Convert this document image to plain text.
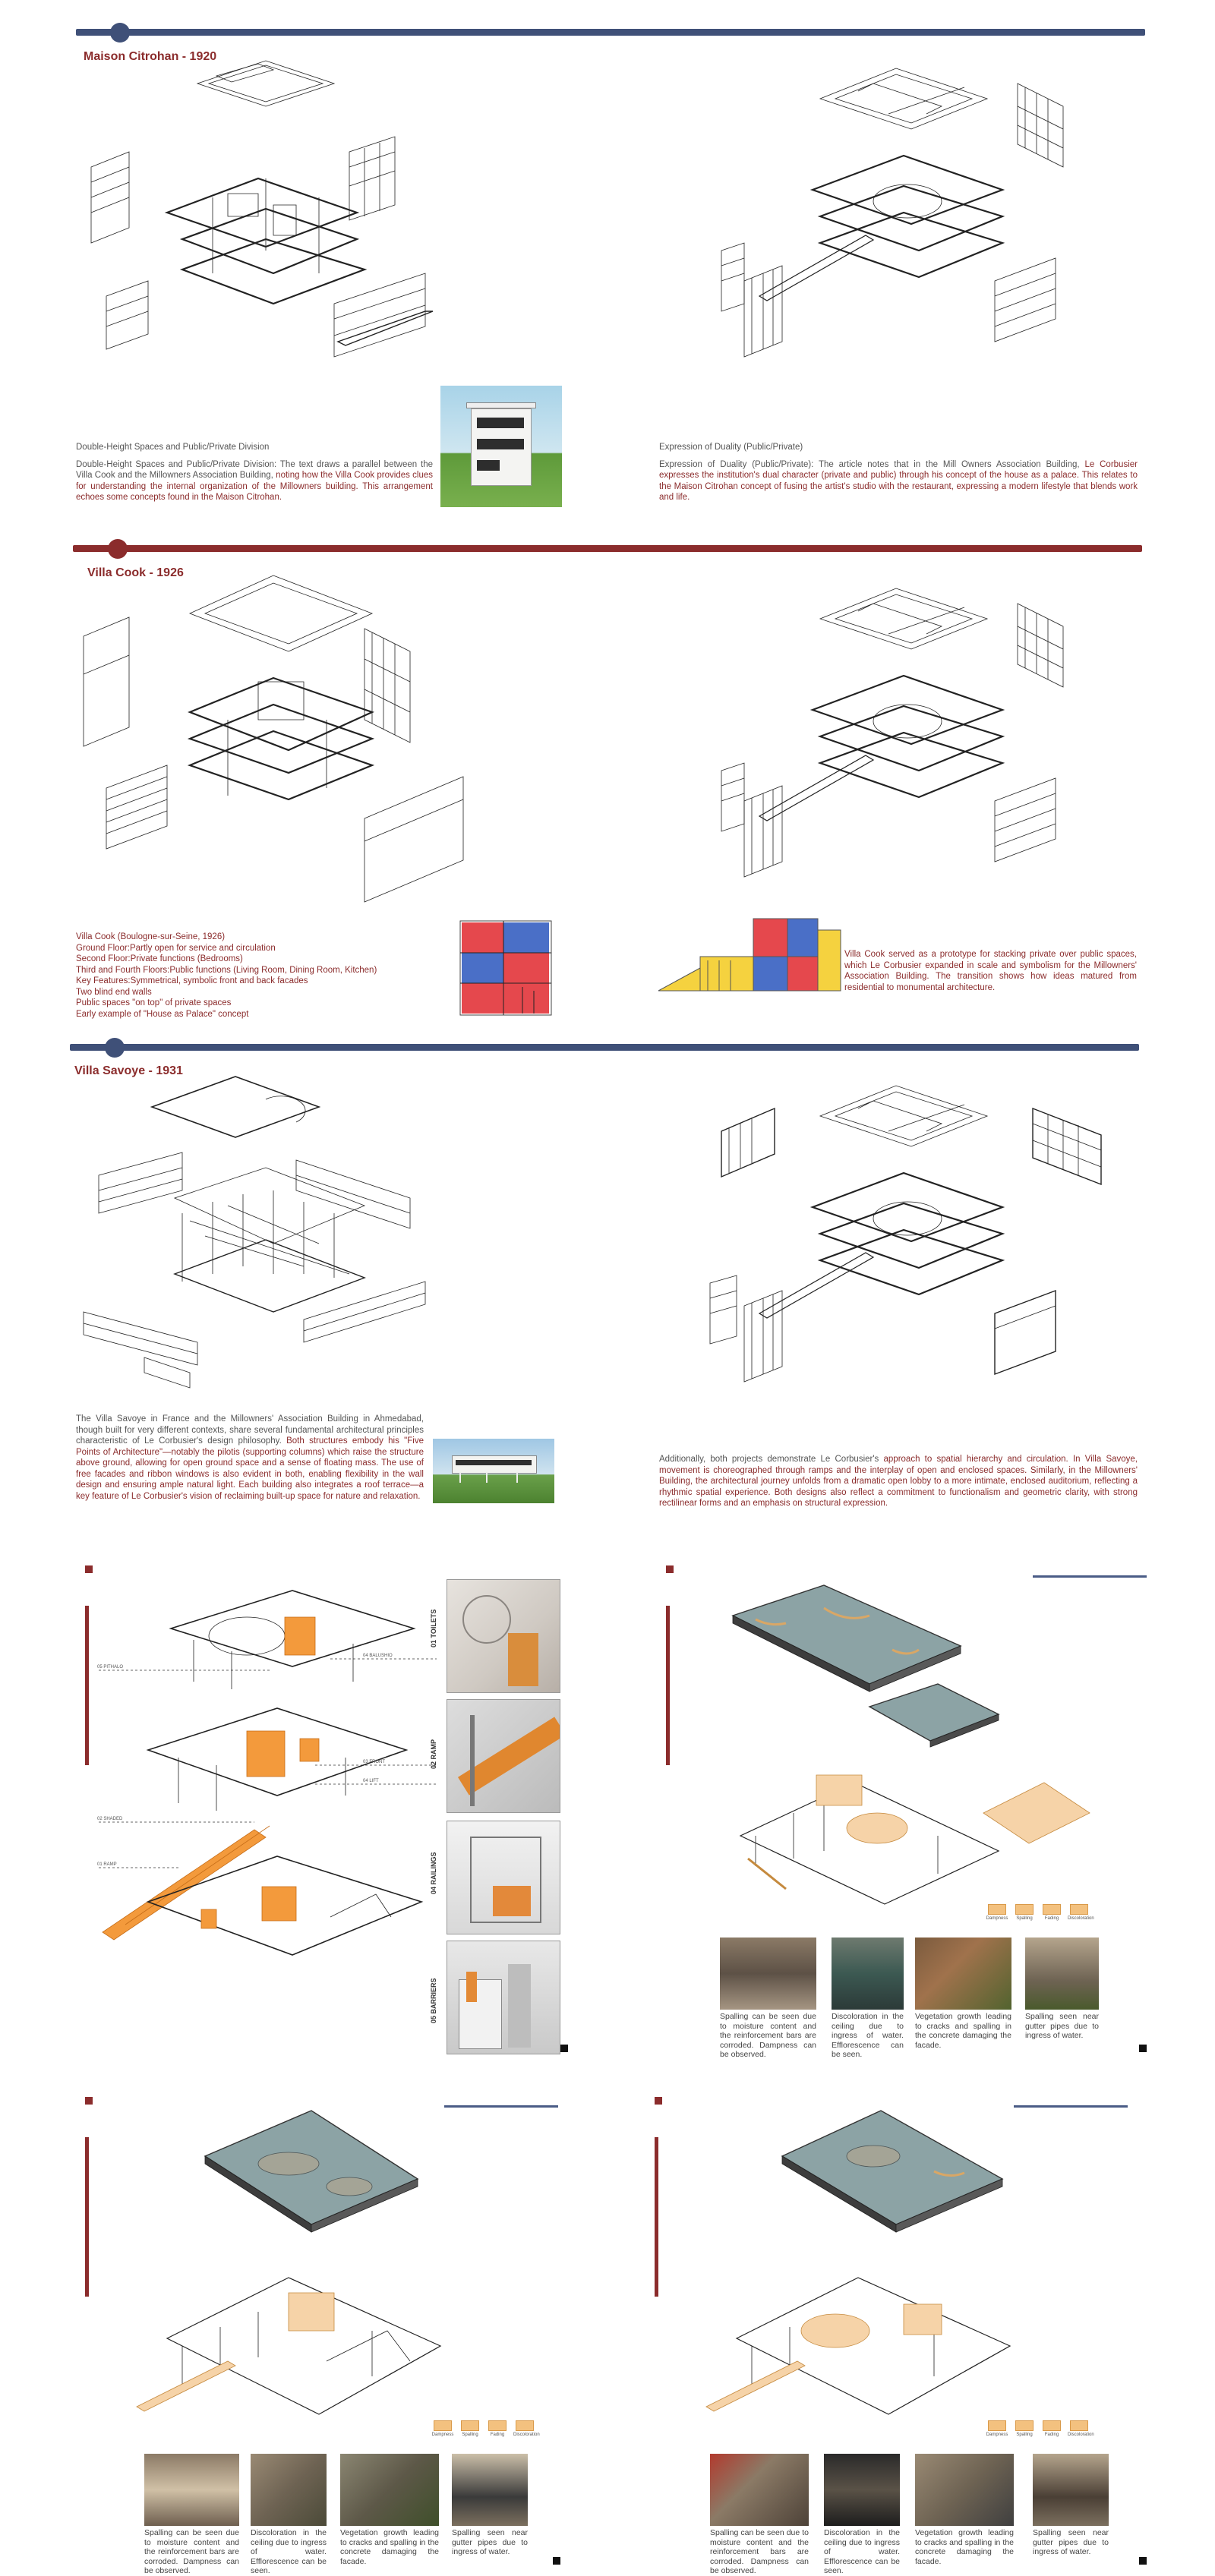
Maison Citrohan - 1920

Double-Height Spaces and Public/Private Division

Double-Height Spaces and Public/Private Division: The text draws a parallel between the Villa Cook and the Millowners Association Building, noting how the Villa Cook provides clues for understanding the internal organization of the Millowners building. This arrangement echoes some concepts found in the Maison Citrohan.

Expression of Duality (Public/Private)

Expression of Duality (Public/Private): The article notes that in the Mill Owners Association Building, Le Corbusier expresses the institution's dual character (private and public) through his concept of the house as a palace. This relates to the Maison Citrohan concept of fusing the artist's studio with the restaurant, expressing a modern lifestyle that blends work and life.

Villa Cook - 1926
Villa Cook (Boulogne-sur-Seine, 1926)
Ground Floor:Partly open for service and circulation
Second Floor:Private functions (Bedrooms)
Third and Fourth Floors:Public functions (Living Room, Dining Room, Kitchen)
Key Features:Symmetrical, symbolic front and back facades
Two blind end walls
Public spaces "on top" of private spaces
Early example of "House as Palace" concept
Villa Cook served as a prototype for stacking private over public spaces, which Le Corbusier expanded in scale and symbolism for the Millowners' Association Building. The transition shows how ideas matured from residential to monumental architecture.
Villa Savoye - 1931
The Villa Savoye in France and the Millowners' Association Building in Ahmedabad, though built for very different contexts, share several fundamental architectural principles characteristic of Le Corbusier's design philosophy. Both structures embody his "Five Points of Architecture"—notably the pilotis (supporting columns) which raise the structure above ground, allowing for open ground space and a sense of floating mass. The use of free facades and ribbon windows is also evident in both, enabling flexibility in the wall design and ensuring ample natural light. Each building also integrates a roof terrace—a key feature of Le Corbusier's vision of reclaiming built-up space for nature and relaxation.
Additionally, both projects demonstrate Le Corbusier's approach to spatial hierarchy and circulation. In Villa Savoye, movement is choreographed through ramps and the interplay of open and enclosed spaces. Similarly, in the Millowners' Building, the architectural journey unfolds from a dramatic open lobby to a more intimate, enclosed auditorium, reflecting a rhythmic spatial experience. Both designs also reflect a commitment to functionalism and geometric clarity, with strong rectilinear forms and an emphasis on structural expression.
05 PITHALO
04 BALUSHIO
02 SHADED
01 RAMP
03 FRONT
04 LIFT
01 TOILETS
02 RAMP
04 RAILINGS
05 BARRIERS
Dampness	Spalling	Fading	Discoloration
Spalling can be seen due to moisture content and the reinforcement bars are corroded. Dampness can be observed.
Discoloration in the ceiling due to ingress of water. Efflorescence can be seen.
Vegetation growth leading to cracks and spalling in the concrete damaging the facade.
Spalling seen near gutter pipes due to ingress of water.
Dampness	Spalling	Fading	Discoloration
Spalling can be seen due to moisture content and the reinforcement bars are corroded. Dampness can be observed.
Discoloration in the ceiling due to ingress of water. Efflorescence can be seen.
Vegetation growth leading to cracks and spalling in the concrete damaging the facade.
Spalling seen near gutter pipes due to ingress of water.
Dampness	Spalling	Fading	Discoloration
Spalling can be seen due to moisture content and the reinforcement bars are corroded. Dampness can be observed.
Discoloration in the ceiling due to ingress of water. Efflorescence can be seen.
Vegetation growth leading to cracks and spalling in the concrete damaging the facade.
Spalling seen near gutter pipes due to ingress of water.
